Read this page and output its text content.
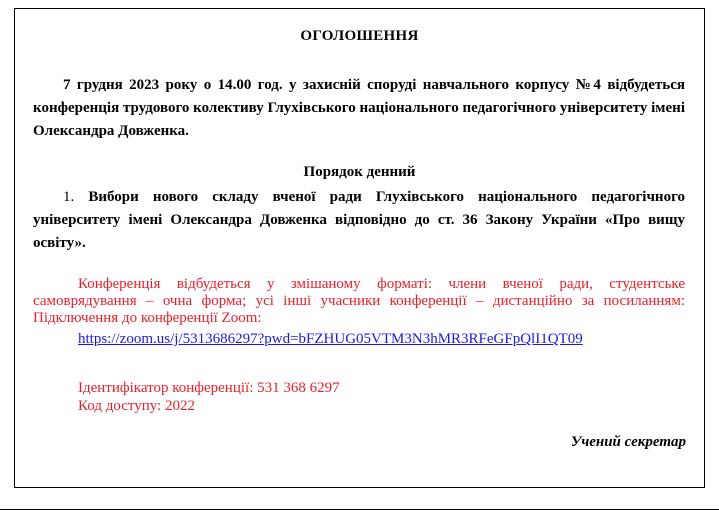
ОГОЛОШЕННЯ

7 грудня 2023 року о 14.00 год. у захисній споруді навчального корпусу №4 відбудеться конференція трудового колективу Глухівського національного педагогічного університету імені Олександра Довженка.

Порядок денний

1. Вибори нового складу вченої ради Глухівського національного педагогічного університету імені Олександра Довженка відповідно до ст. 36 Закону України «Про вищу освіту».

Конференція відбудеться у змішаному форматі: члени вченої ради, студентське самоврядування – очна форма; усі інші учасники конференції – дистанційно за посиланням: Підключення до конференції Zoom:

https://zoom.us/j/5313686297?pwd=bFZHUG05VTM3N3hMR3RFeGFpQlI1QT09
Ідентифікатор конференції: 531 368 6297
Код доступу: 2022
Учений секретар
